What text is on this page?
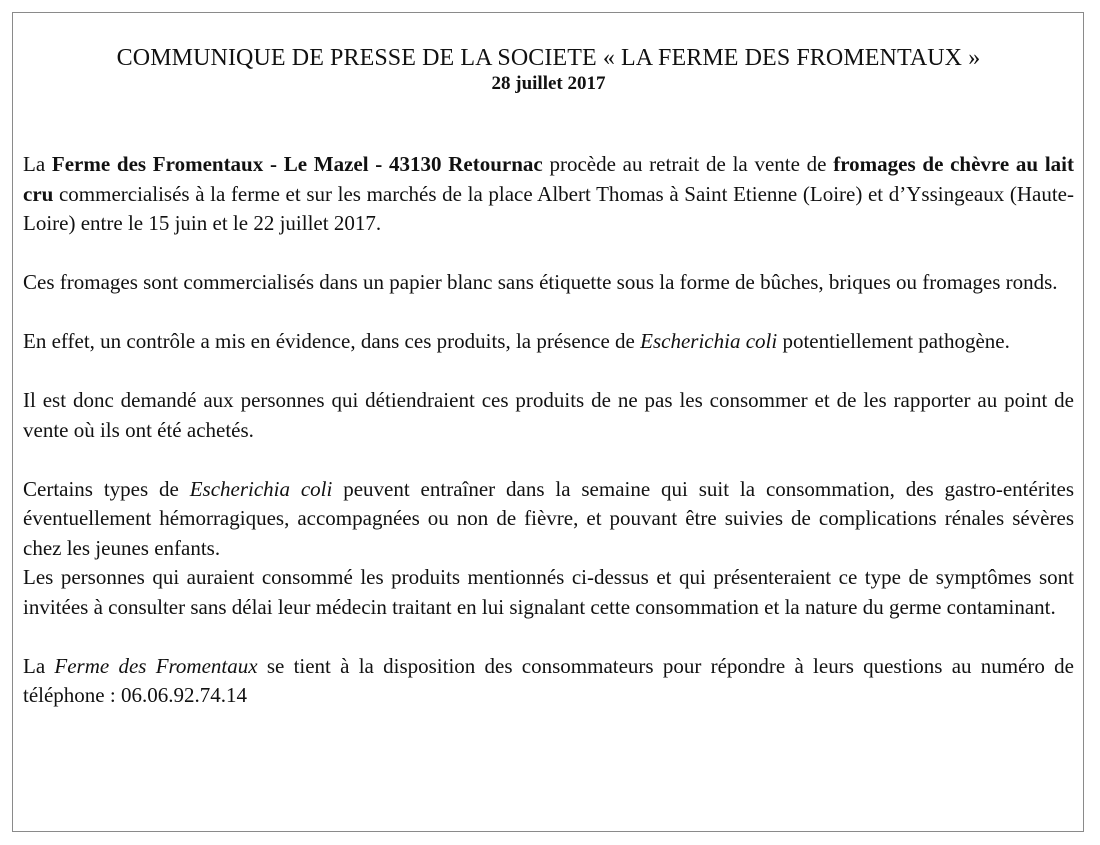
COMMUNIQUE DE PRESSE DE LA SOCIETE « LA FERME DES FROMENTAUX »

28 juillet 2017

La Ferme des Fromentaux - Le Mazel - 43130 Retournac procède au retrait de la vente de fromages de chèvre au lait cru commercialisés à la ferme et sur les marchés de la place Albert Thomas à Saint Etienne (Loire) et d’Yssingeaux (Haute-Loire) entre le 15 juin et le 22 juillet 2017.

Ces fromages sont commercialisés dans un papier blanc sans étiquette sous la forme de bûches, briques ou fromages ronds.

En effet, un contrôle a mis en évidence, dans ces produits, la présence de Escherichia coli potentiellement pathogène.

Il est donc demandé aux personnes qui détiendraient ces produits de ne pas les consommer et de les rapporter au point de vente où ils ont été achetés.

Certains types de Escherichia coli peuvent entraîner dans la semaine qui suit la consommation, des gastro-entérites éventuellement hémorragiques, accompagnées ou non de fièvre, et pouvant être suivies de complications rénales sévères chez les jeunes enfants.

Les personnes qui auraient consommé les produits mentionnés ci-dessus et qui présenteraient ce type de symptômes sont invitées à consulter sans délai leur médecin traitant en lui signalant cette consommation et la nature du germe contaminant.

La Ferme des Fromentaux se tient à la disposition des consommateurs pour répondre à leurs questions au numéro de téléphone : 06.06.92.74.14
